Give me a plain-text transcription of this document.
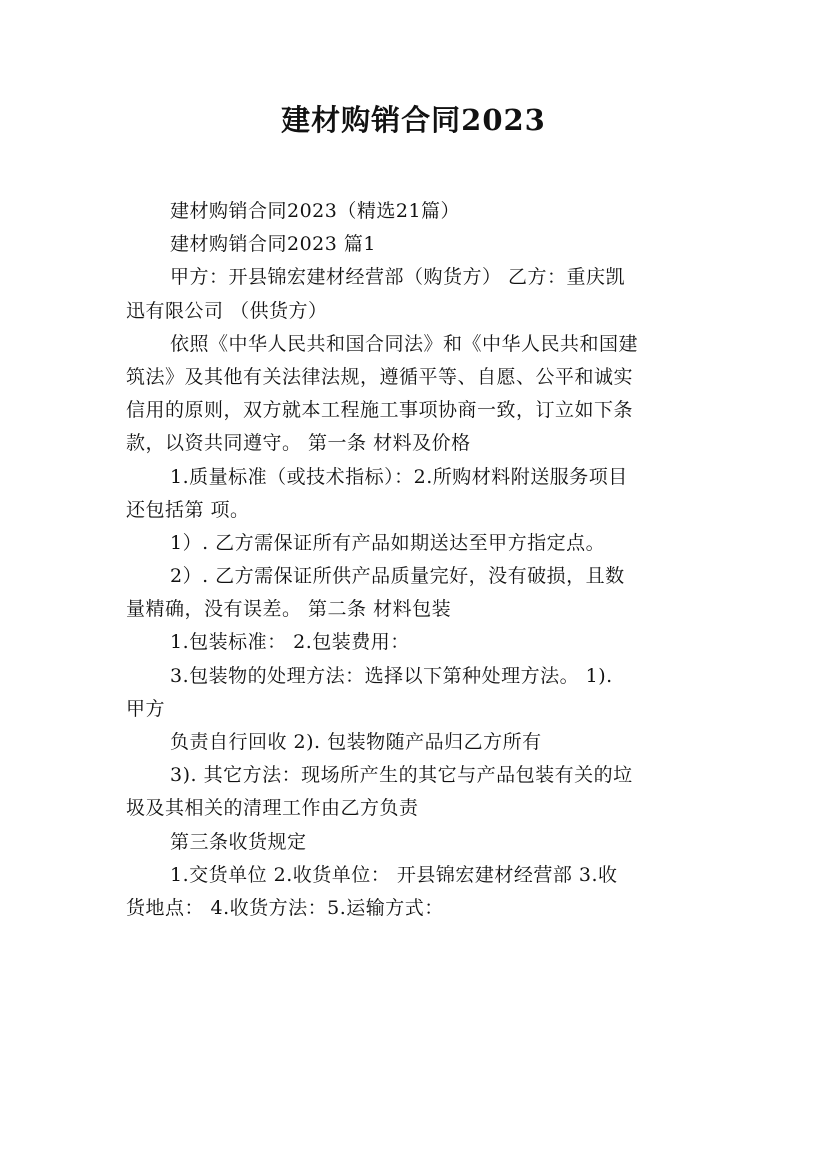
建材购销合同2023
建材购销合同2023（精选21篇）
建材购销合同2023 篇1
甲方：开县锦宏建材经营部（购货方） 乙方：重庆凯
迅有限公司 （供货方）
依照《中华人民共和国合同法》和《中华人民共和国建
筑法》及其他有关法律法规，遵循平等、自愿、公平和诚实
信用的原则，双方就本工程施工事项协商一致，订立如下条
款，以资共同遵守。 第一条 材料及价格
1.质量标准（或技术指标）：2.所购材料附送服务项目
还包括第 项。
1）. 乙方需保证所有产品如期送达至甲方指定点。
2）. 乙方需保证所供产品质量完好，没有破损，且数
量精确，没有误差。 第二条 材料包装
1.包装标准： 2.包装费用：
3.包装物的处理方法：选择以下第种处理方法。 1).
甲方
负责自行回收 2). 包装物随产品归乙方所有
3). 其它方法：现场所产生的其它与产品包装有关的垃
圾及其相关的清理工作由乙方负责
第三条收货规定
1.交货单位 2.收货单位： 开县锦宏建材经营部 3.收
货地点： 4.收货方法：5.运输方式：
